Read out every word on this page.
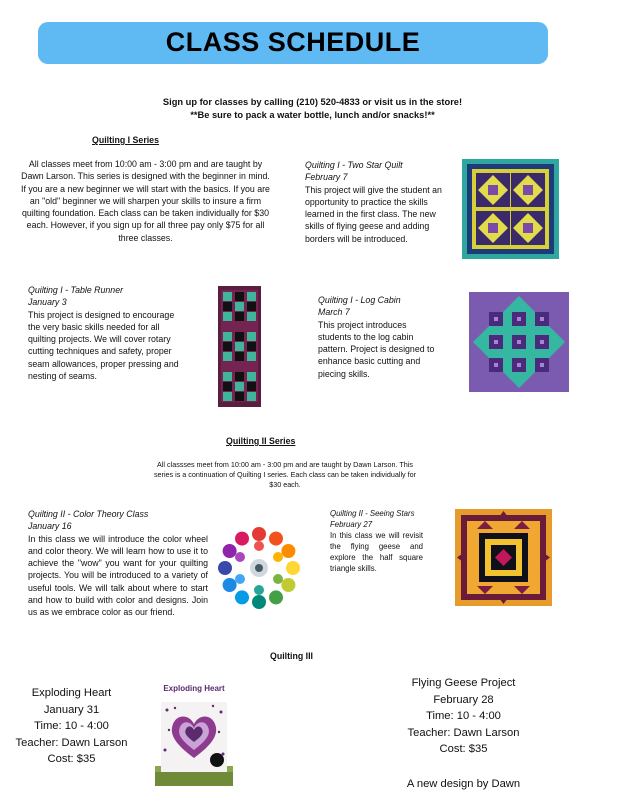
CLASS SCHEDULE
Sign up for classes by calling (210) 520-4833 or visit us in the store!
**Be sure to pack a water bottle, lunch and/or snacks!**
Quilting I Series
All classes meet from 10:00 am - 3:00 pm and are taught by Dawn Larson. This series is designed with the beginner in mind. If you are a new beginner we will start with the basics. If you are an "old" beginner we will sharpen your skills to insure a firm quilting foundation. Each class can be taken individually for $30 each. However, if you sign up for all three pay only $75 for all three classes.
Quilting I - Two Star Quilt
February 7
This project will give the student an opportunity to practice the skills learned in the first class. The new skills of flying geese and adding borders will be introduced.
Quilting I - Table Runner
January 3
This project is designed to encourage the very basic skills needed for all quilting projects. We will cover rotary cutting techniques and safety, proper seam allowances, proper pressing and nesting of seams.
Quilting I - Log Cabin
March 7
This project introduces students to the log cabin pattern. Project is designed to enhance basic cutting and piecing skills.
Quilting II Series
All classses meet from 10:00 am - 3:00 pm and are taught by Dawn Larson. This series is a continuation of Quilting I series. Each class can be taken individually for $30 each.
Quilting II - Color Theory Class
January 16
In this class we will introduce the color wheel and color theory. We will learn how to use it to achieve the "wow" you want for your quilting projects. You will be introduced to a variety of useful tools. We will talk about where to start and how to build with color and designs. Join us as we embrace color as our friend.
Quilting II - Seeing Stars
February 27
In this class we will revisit the flying geese and explore the half square triangle skills.
Quilting III
Exploding Heart
January 31
Time: 10 - 4:00
Teacher: Dawn Larson
Cost: $35
Exploding Heart	Flying Geese Project
February 28
Time: 10 - 4:00
Teacher: Dawn Larson
Cost: $35
A new design by Dawn
